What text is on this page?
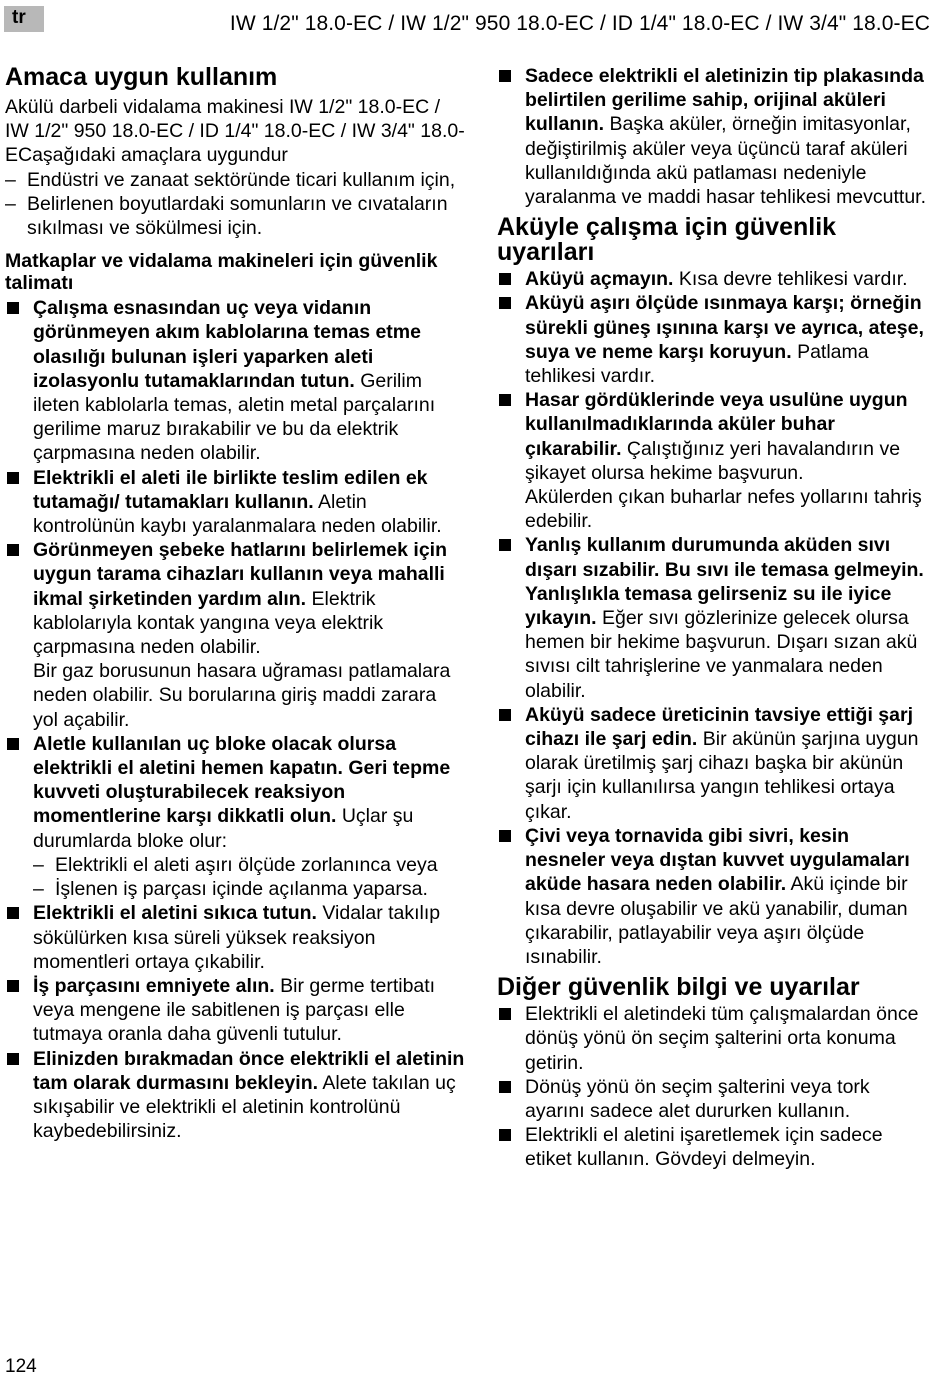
tr	IW 1/2" 18.0-EC / IW 1/2" 950 18.0-EC / ID 1/4" 18.0-EC / IW 3/4" 18.0-EC
Amaca uygun kullanım

Akülü darbeli vidalama makinesi IW 1/2" 18.0-EC / IW 1/2" 950 18.0-EC / ID 1/4" 18.0-EC / IW 3/4" 18.0-ECaşağıdaki amaçlara uygundur

– Endüstri ve zanaat sektöründe ticari kullanım için,

– Belirlenen boyutlardaki somunların ve cıvataların sıkılması ve sökülmesi için.

Matkaplar ve vidalama makineleri için güvenlik talimatı
Çalışma esnasından uç veya vidanın görünmeyen akım kablolarına temas etme olasılığı bulunan işleri yaparken aleti izolasyonlu tutamaklarından tutun. Gerilim ileten kablolarla temas, aletin metal parçalarını gerilime maruz bırakabilir ve bu da elektrik çarpmasına neden olabilir.
Elektrikli el aleti ile birlikte teslim edilen ek tutamağı/ tutamakları kullanın. Aletin kontrolünün kaybı yaralanmalara neden olabilir.
Görünmeyen şebeke hatlarını belirlemek için uygun tarama cihazları kullanın veya mahalli ikmal şirketinden yardım alın. Elektrik kablolarıyla kontak yangına veya elektrik çarpmasına neden olabilir.
Bir gaz borusunun hasara uğraması patlamalara neden olabilir. Su borularına giriş maddi zarara yol açabilir.
Aletle kullanılan uç bloke olacak olursa elektrikli el aletini hemen kapatın. Geri tepme kuvveti oluşturabilecek reaksiyon momentlerine karşı dikkatli olun. Uçlar şu durumlarda bloke olur:

– Elektrikli el aleti aşırı ölçüde zorlanınca veya

– İşlenen iş parçası içinde açılanma yaparsa.

Elektrikli el aletini sıkıca tutun. Vidalar takılıp sökülürken kısa süreli yüksek reaksiyon momentleri ortaya çıkabilir.
İş parçasını emniyete alın. Bir germe tertibatı veya mengene ile sabitlenen iş parçası elle tutmaya oranla daha güvenli tutulur.
Elinizden bırakmadan önce elektrikli el aletinin tam olarak durmasını bekleyin. Alete takılan uç sıkışabilir ve elektrikli el aletinin kontrolünü kaybedebilirsiniz.
Sadece elektrikli el aletinizin tip plakasında belirtilen gerilime sahip, orijinal aküleri kullanın. Başka aküler, örneğin imitasyonlar, değiştirilmiş aküler veya üçüncü taraf aküleri kullanıldığında akü patlaması nedeniyle yaralanma ve maddi hasar tehlikesi mevcuttur.
Aküyle çalışma için güvenlik uyarıları
Aküyü açmayın. Kısa devre tehlikesi vardır.
Aküyü aşırı ölçüde ısınmaya karşı; örneğin sürekli güneş ışınına karşı ve ayrıca, ateşe, suya ve neme karşı koruyun. Patlama tehlikesi vardır.
Hasar gördüklerinde veya usulüne uygun kullanılmadıklarında aküler buhar çıkarabilir. Çalıştığınız yeri havalandırın ve şikayet olursa hekime başvurun.
Akülerden çıkan buharlar nefes yollarını tahriş edebilir.
Yanlış kullanım durumunda aküden sıvı dışarı sızabilir. Bu sıvı ile temasa gelmeyin. Yanlışlıkla temasa gelirseniz su ile iyice yıkayın. Eğer sıvı gözlerinize gelecek olursa hemen bir hekime başvurun. Dışarı sızan akü sıvısı cilt tahrişlerine ve yanmalara neden olabilir.
Aküyü sadece üreticinin tavsiye ettiği şarj cihazı ile şarj edin. Bir akünün şarjına uygun olarak üretilmiş şarj cihazı başka bir akünün şarjı için kullanılırsa yangın tehlikesi ortaya çıkar.
Çivi veya tornavida gibi sivri, kesin nesneler veya dıştan kuvvet uygulamaları aküde hasara neden olabilir. Akü içinde bir kısa devre oluşabilir ve akü yanabilir, duman çıkarabilir, patlayabilir veya aşırı ölçüde ısınabilir.
Diğer güvenlik bilgi ve uyarılar
Elektrikli el aletindeki tüm çalışmalardan önce dönüş yönü ön seçim şalterini orta konuma getirin.
Dönüş yönü ön seçim şalterini veya tork ayarını sadece alet dururken kullanın.
Elektrikli el aletini işaretlemek için sadece etiket kullanın. Gövdeyi delmeyin.
124
